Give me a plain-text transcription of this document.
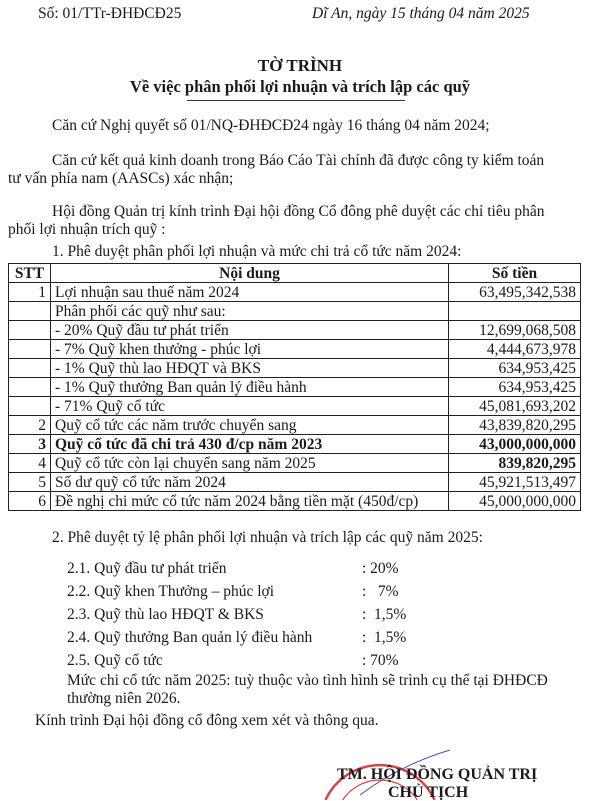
Số: 01/TTr-ĐHĐCĐ25	Dĩ An, ngày 15 tháng 04 năm 2025
TỜ TRÌNH
Về việc phân phối lợi nhuận và trích lập các quỹ
Căn cứ Nghị quyết số 01/NQ-ĐHĐCĐ24 ngày 16 tháng 04 năm 2024;
Căn cứ kết quả kinh doanh trong Báo Cáo Tài chính đã được công ty kiểm toán
tư vấn phía nam (AASCs) xác nhận;
Hội đồng Quản trị kính trình Đại hội đồng Cổ đông phê duyệt các chỉ tiêu phân
phối lợi nhuận trích quỹ :
1. Phê duyệt phân phối lợi nhuận và mức chi trả cổ tức năm 2024:
STT	Nội dung	Số tiền
1	Lợi nhuận sau thuế năm 2024	63,495,342,538
	Phân phối các quỹ như sau:	
	- 20% Quỹ đầu tư phát triển	12,699,068,508
	- 7% Quỹ khen thưởng - phúc lợi	4,444,673,978
	- 1% Quỹ thù lao HĐQT và BKS	634,953,425
	- 1% Quỹ thưởng Ban quản lý điều hành	634,953,425
	- 71% Quỹ cổ tức	45,081,693,202
2	Quỹ cổ tức các năm trước chuyển sang	43,839,820,295
3	Quỹ cổ tức đã chi trả 430 đ/cp năm 2023	43,000,000,000
4	Quỹ cổ tức còn lại chuyển sang năm 2025	839,820,295
5	Số dư quỹ cổ tức năm 2024	45,921,513,497
6	Đề nghị chi mức cổ tức năm 2024 bằng tiền mặt (450đ/cp)	45,000,000,000
2. Phê duyệt tỷ lệ phân phối lợi nhuận và trích lập các quỹ năm 2025:
2.1. Quỹ đầu tư phát triển	: 20%
2.2. Quỹ khen Thưởng – phúc lợi	:   7%
2.3. Quỹ thù lao HĐQT & BKS	:  1,5%
2.4. Quỹ thưởng Ban quản lý điều hành	:  1,5%
2.5. Quỹ cổ tức	: 70%
Mức chi cổ tức năm 2025: tuỳ thuộc vào tình hình sẽ trình cụ thể tại ĐHĐCĐ
thường niên 2026.
Kính trình Đại hội đồng cổ đông xem xét và thông qua.
TM. HỘI ĐỒNG QUẢN TRỊ
CHỦ TỊCH
